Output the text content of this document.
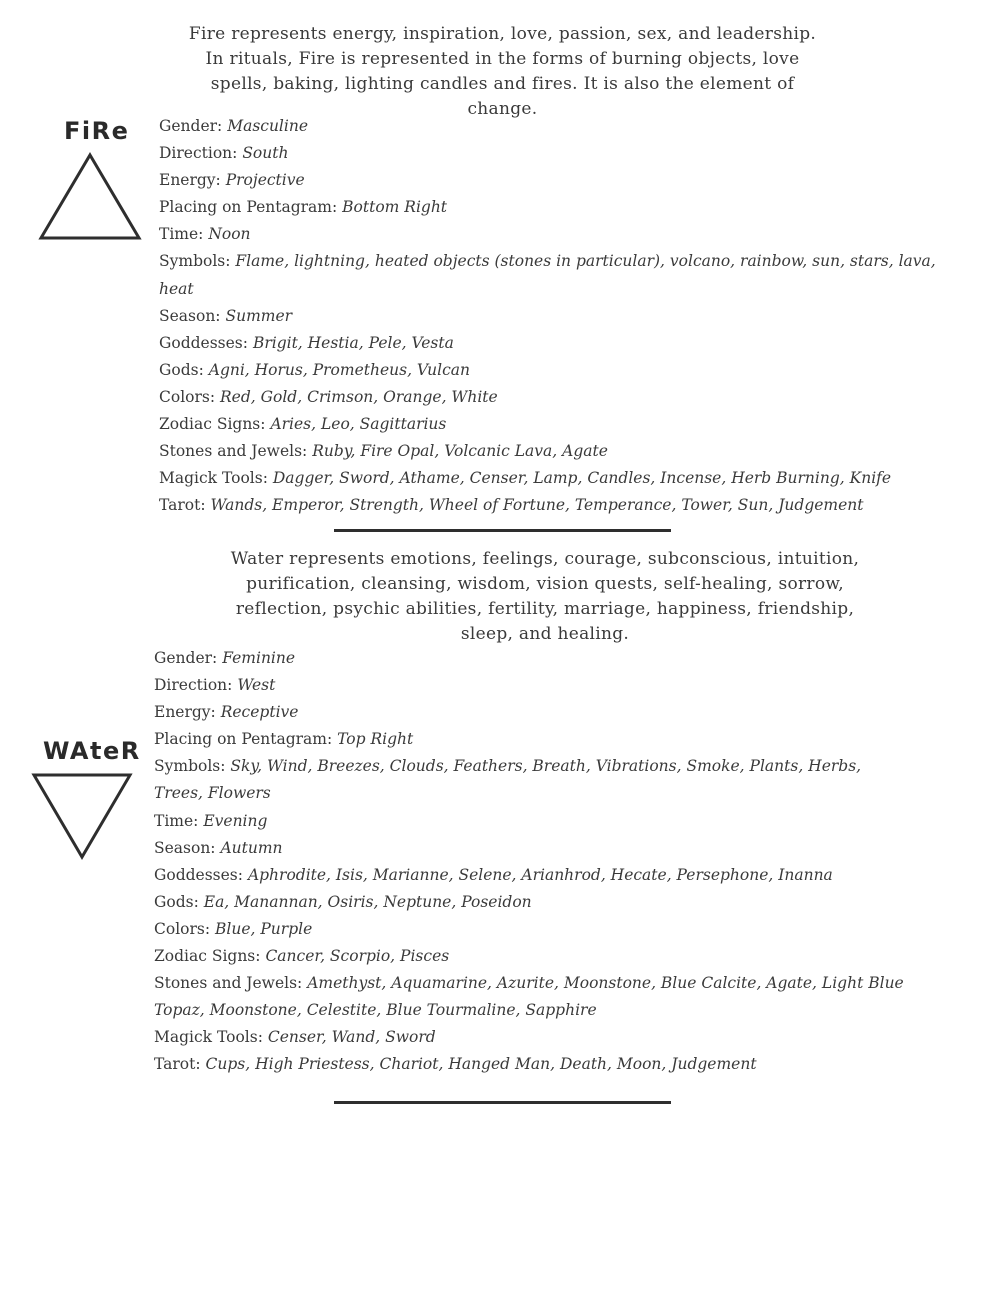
Fire represents energy, inspiration, love, passion, sex, and leadership. In rituals, Fire is represented in the forms of burning objects, love spells, baking, lighting candles and fires. It is also the element of change.

FiRe Gender: Masculine
Direction: South
Energy: Projective
Placing on Pentagram: Bottom Right
Time: Noon
Symbols: Flame, lightning, heated objects (stones in particular), volcano, rainbow, sun, stars, lava, heat
Season: Summer
Goddesses: Brigit, Hestia, Pele, Vesta
Gods: Agni, Horus, Prometheus, Vulcan
Colors: Red, Gold, Crimson, Orange, White
Zodiac Signs: Aries, Leo, Sagittarius
Stones and Jewels: Ruby, Fire Opal, Volcanic Lava, Agate
Magick Tools: Dagger, Sword, Athame, Censer, Lamp, Candles, Incense, Herb Burning, Knife
Tarot: Wands, Emperor, Strength, Wheel of Fortune, Temperance, Tower, Sun, Judgement

Water represents emotions, feelings, courage, subconscious, intuition, purification, cleansing, wisdom, vision quests, self-healing, sorrow, reflection, psychic abilities, fertility, marriage, happiness, friendship, sleep, and healing.

WAteR
Gender: Feminine
Direction: West
Energy: Receptive
Placing on Pentagram: Top Right
Symbols: Sky, Wind, Breezes, Clouds, Feathers, Breath, Vibrations, Smoke, Plants, Herbs, Trees, Flowers
Time: Evening
Season: Autumn
Goddesses: Aphrodite, Isis, Marianne, Selene, Arianhrod, Hecate, Persephone, Inanna
Gods: Ea, Manannan, Osiris, Neptune, Poseidon
Colors: Blue, Purple
Zodiac Signs: Cancer, Scorpio, Pisces
Stones and Jewels: Amethyst, Aquamarine, Azurite, Moonstone, Blue Calcite, Agate, Light Blue Topaz, Moonstone, Celestite, Blue Tourmaline, Sapphire
Magick Tools: Censer, Wand, Sword
Tarot: Cups, High Priestess, Chariot, Hanged Man, Death, Moon, Judgement
